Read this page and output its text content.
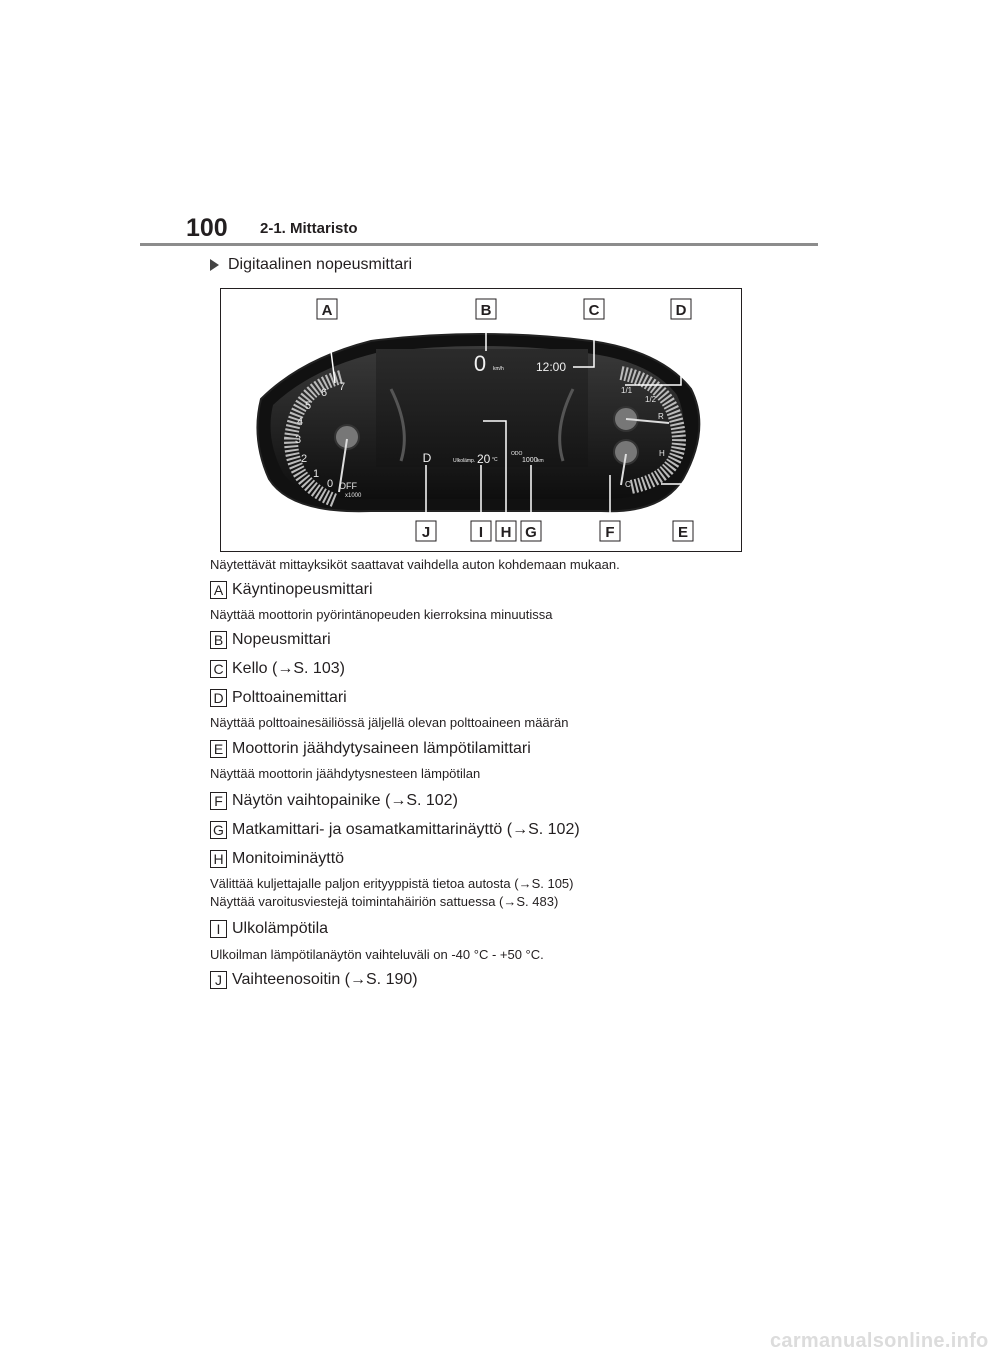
100 2-1. Mittaristo
Digitaalinen nopeusmittari
0
1
2
3
4
5
6 7
OFF
x1000
1/1
1/2
R
H
C
0 km/h	12:00
D	Ulkolämp. 20 °C
ODO
1000 km
A	B	C	D
J	I H G	F	E
Näytettävät mittayksiköt saattavat vaihdella auton kohdemaan mukaan.
A Käyntinopeusmittari
Näyttää moottorin pyörintänopeuden kierroksina minuutissa
B Nopeusmittari
C Kello (→S. 103)
D Polttoainemittari
Näyttää polttoainesäiliössä jäljellä olevan polttoaineen määrän
E Moottorin jäähdytysaineen lämpötilamittari
Näyttää moottorin jäähdytysnesteen lämpötilan
F Näytön vaihtopainike (→S. 102)
G Matkamittari- ja osamatkamittarinäyttö (→S. 102)
H Monitoiminäyttö
Välittää kuljettajalle paljon erityyppistä tietoa autosta (→S. 105)
Näyttää varoitusviestejä toimintahäiriön sattuessa (→S. 483)
I Ulkolämpötila
Ulkoilman lämpötilanäytön vaihteluväli on -40 °C - +50 °C.
J Vaihteenosoitin (→S. 190)
carmanualsonline.info
